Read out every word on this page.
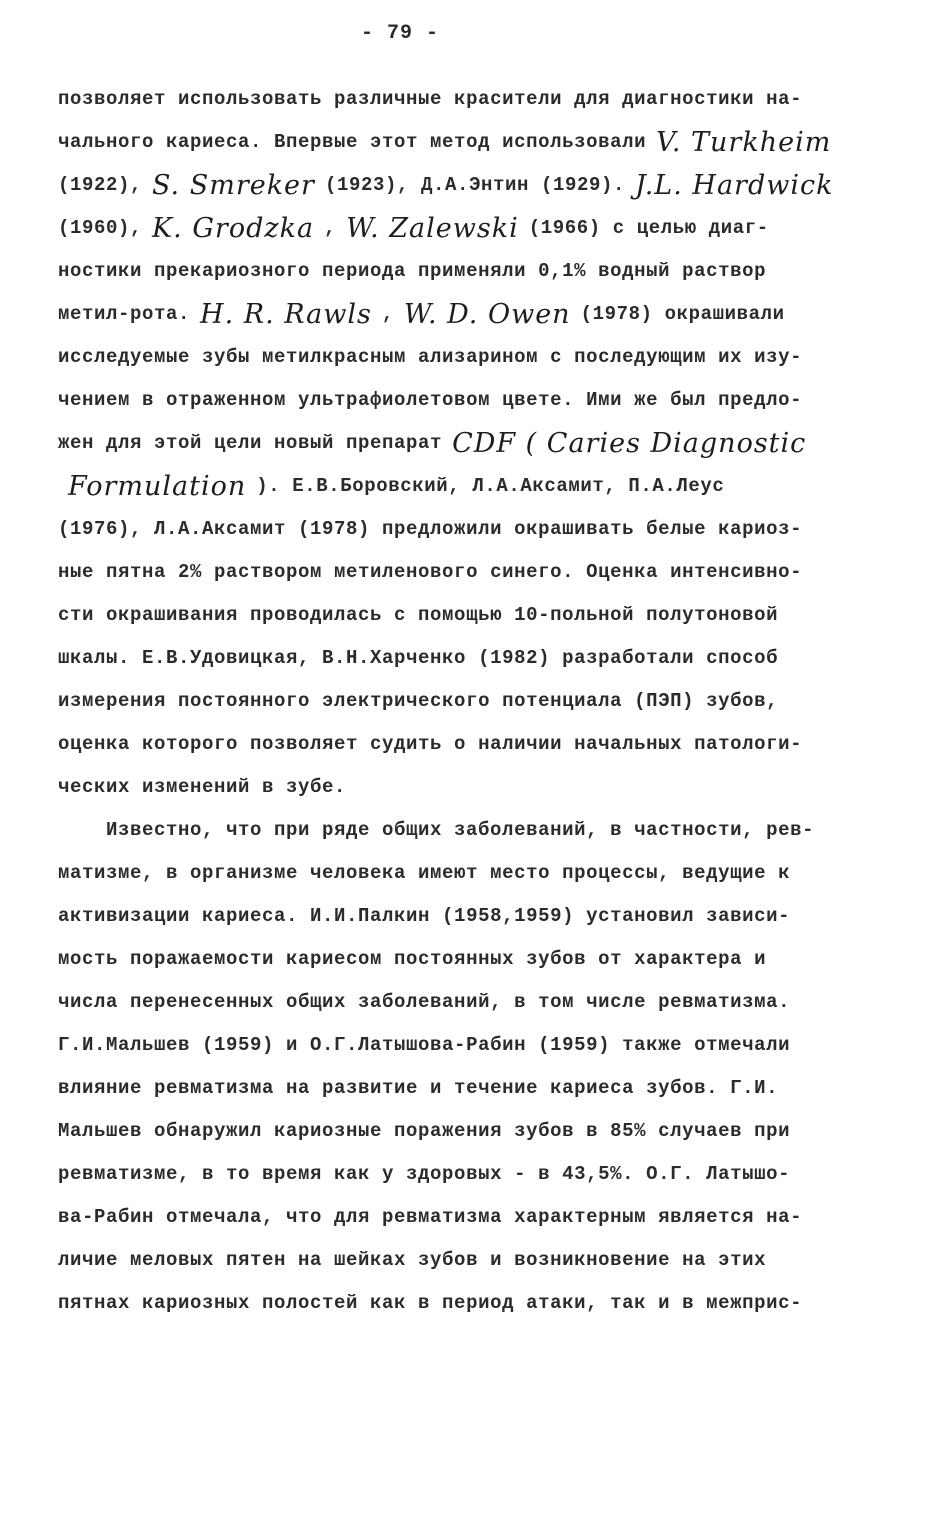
- 79 -
позволяет использовать различные красители для диагностики на-
чального кариеса. Впервые этот метод использовали V. Turkheim
(1922), S. Smreker (1923), Д.А.Энтин (1929). J.L. Hardwick
(1960), K. Grodzka , W. Zalewski (1966) с целью диаг-
ностики прекариозного периода применяли 0,1% водный раствор
метил-рота. H. R. Rawls , W. D. Owen (1978) окрашивали
исследуемые зубы метилкрасным ализарином с последующим их изу-
чением в отраженном ультрафиолетовом цвете. Ими же был предло-
жен для этой цели новый препарат CDF ( Caries Diagnostic
Formulation ). Е.В.Боровский, Л.А.Аксамит, П.А.Леус
(1976), Л.А.Аксамит (1978) предложили окрашивать белые кариоз-
ные пятна 2% раствором метиленового синего. Оценка интенсивно-
сти окрашивания проводилась с помощью 10-польной полутоновой
шкалы. Е.В.Удовицкая, В.Н.Харченко (1982) разработали способ
измерения постоянного электрического потенциала (ПЭП) зубов,
оценка которого позволяет судить о наличии начальных патологи-
ческих изменений в зубе.
Известно, что при ряде общих заболеваний, в частности, рев-
матизме, в организме человека имеют место процессы, ведущие к
активизации кариеса. И.И.Палкин (1958,1959) установил зависи-
мость поражаемости кариесом постоянных зубов от характера и
числа перенесенных общих заболеваний, в том числе ревматизма.
Г.И.Мальшев (1959) и О.Г.Латышова-Рабин (1959) также отмечали
влияние ревматизма на развитие и течение кариеса зубов. Г.И.
Мальшев обнаружил кариозные поражения зубов в 85% случаев при
ревматизме, в то время как у здоровых - в 43,5%. О.Г. Латышо-
ва-Рабин отмечала, что для ревматизма характерным является на-
личие меловых пятен на шейках зубов и возникновение на этих
пятнах кариозных полостей как в период атаки, так и в межприс-
